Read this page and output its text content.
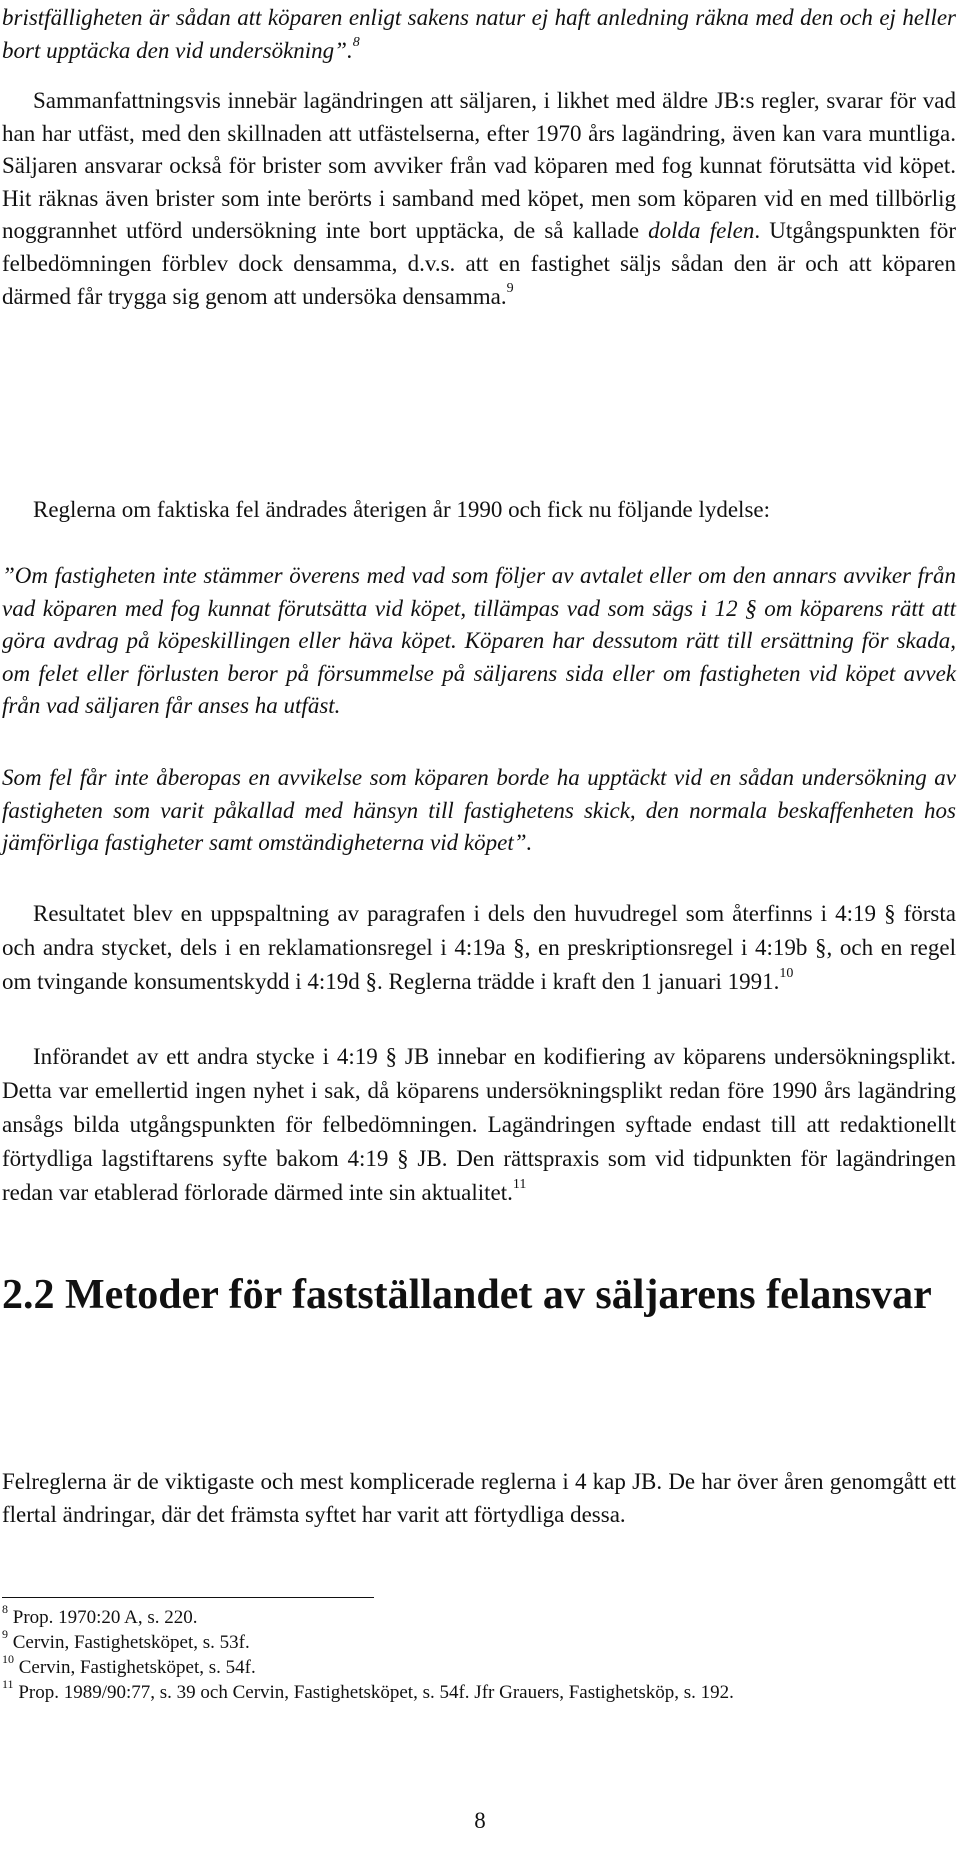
bristfälligheten är sådan att köparen enligt sakens natur ej haft anledning räkna med den och ej heller bort upptäcka den vid undersökning”.$^8$

Sammanfattningsvis innebär lagändringen att säljaren, i likhet med äldre JB:s regler, svarar för vad han har utfäst, med den skillnaden att utfästelserna, efter 1970 års lagändring, även kan vara muntliga. Säljaren ansvarar också för brister som avviker från vad köparen med fog kunnat förutsätta vid köpet. Hit räknas även brister som inte berörts i samband med köpet, men som köparen vid en med tillbörlig noggrannhet utförd undersökning inte bort upptäcka, de så kallade dolda felen. Utgångspunkten för felbedömningen förblev dock densamma, d.v.s. att en fastighet säljs sådan den är och att köparen därmed får trygga sig genom att undersöka densamma.$^9$

Reglerna om faktiska fel ändrades återigen år 1990 och fick nu följande lydelse:

”Om fastigheten inte stämmer överens med vad som följer av avtalet eller om den annars avviker från vad köparen med fog kunnat förutsätta vid köpet, tillämpas vad som sägs i 12 § om köparens rätt att göra avdrag på köpeskillingen eller häva köpet. Köparen har dessutom rätt till ersättning för skada, om felet eller förlusten beror på försummelse på säljarens sida eller om fastigheten vid köpet avvek från vad säljaren får anses ha utfäst.

Som fel får inte åberopas en avvikelse som köparen borde ha upptäckt vid en sådan undersökning av fastigheten som varit påkallad med hänsyn till fastighetens skick, den normala beskaffenheten hos jämförliga fastigheter samt omständigheterna vid köpet”.

Resultatet blev en uppspaltning av paragrafen i dels den huvudregel som återfinns i 4:19 § första och andra stycket, dels i en reklamationsregel i 4:19a §, en preskriptionsregel i 4:19b §, och en regel om tvingande konsumentskydd i 4:19d §. Reglerna trädde i kraft den 1 januari 1991.10

Införandet av ett andra stycke i 4:19 § JB innebar en kodifiering av köparens undersökningsplikt. Detta var emellertid ingen nyhet i sak, då köparens undersökningsplikt redan före 1990 års lagändring ansågs bilda utgångspunkten för felbedömningen. Lagändringen syftade endast till att redaktionellt förtydliga lagstiftarens syfte bakom 4:19 § JB. Den rättspraxis som vid tidpunkten för lagändringen redan var etablerad förlorade därmed inte sin aktualitet.$^{11}$

2.2 Metoder för fastställandet av säljarens felansvar

Felreglerna är de viktigaste och mest komplicerade reglerna i 4 kap JB. De har över åren genomgått ett flertal ändringar, där det främsta syftet har varit att förtydliga dessa.

$^8$ Prop. 1970:20 A, s. 220.

$^9$ Cervin, Fastighetsköpet, s. 53f.

$^{10}$ Cervin, Fastighetsköpet, s. 54f.

$^{11}$ Prop. 1989/90:77, s. 39 och Cervin, Fastighetsköpet, s. 54f. Jfr Grauers, Fastighetsköp, s. 192.

8
